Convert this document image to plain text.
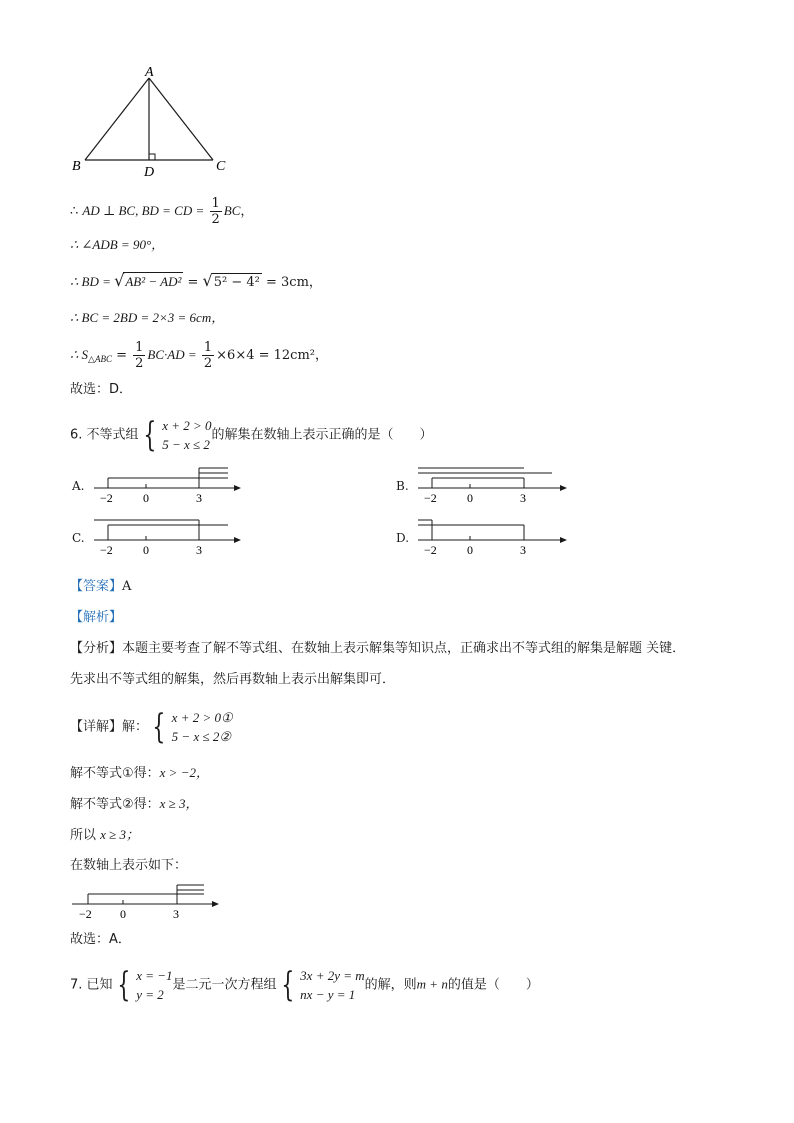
A
B	C
D
∴ AD ⊥ BC, BD = CD = $\frac{1}{2}$ BC，
∴ ∠ADB = 90°，
∴ BD = √AB² − AD² = √5² − 4² = 3cm，
∴ BC = 2BD = 2×3 = 6cm，
∴ $S_{\triangle ABC} = \frac{1}{2} BC\cdot AD = \frac{1}{2} \times 6\times 4 = 12cm^2$，
故选：D．
6. 不等式组 { x + 2 > 0
5 − x ≤ 2
的解集在数轴上表示正确的是（　　）
A.	B.
C.	D.
−2	0	3	−2	0	3
−2	0	3	−2	0	3
【答案】A
【解析】
【分析】本题主要考查了解不等式组、在数轴上表示解集等知识点，正确求出不等式组的解集是解题 关键．
先求出不等式组的解集，然后再数轴上表示出解集即可．
【详解】解： { x + 2 > 0①
5 − x ≤ 2②
解不等式①得：x > −2，
解不等式②得：x ≥ 3，
所以 x ≥ 3；
在数轴上表示如下：
−2 0	3
故选：A．
7. 已知 { x = −1
y = 2
是二元一次方程组 { 3x + 2y = m
nx − y = 1
的解，则m + n的值是（　　）
